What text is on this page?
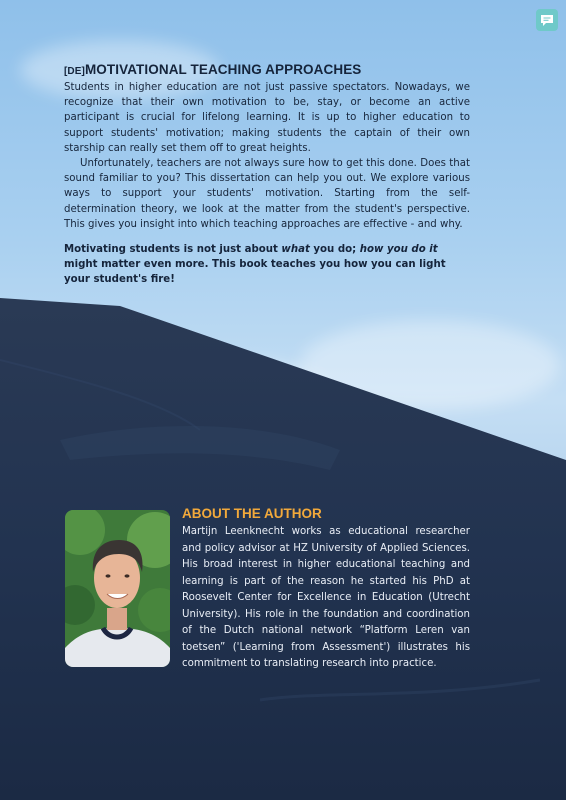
[DE]MOTIVATIONAL TEACHING APPROACHES

Students in higher education are not just passive spectators. Nowadays, we recognize that their own motivation to be, stay, or become an active participant is crucial for lifelong learning. It is up to higher education to support students' motivation; making students the captain of their own starship can really set them off to great heights.

Unfortunately, teachers are not always sure how to get this done. Does that sound familiar to you? This dissertation can help you out. We explore various ways to support your students' motivation. Starting from the self-determination theory, we look at the matter from the student's perspective. This gives you insight into which teaching approaches are effective - and why.

Motivating students is not just about what you do; how you do it might matter even more. This book teaches you how you can light your student's fire!

ABOUT THE AUTHOR

Martijn Leenknecht works as educational researcher and policy advisor at HZ University of Applied Sciences. His broad interest in higher educational teaching and learning is part of the reason he started his PhD at Roosevelt Center for Excellence in Education (Utrecht University). His role in the foundation and coordination of the Dutch national network “Platform Leren van toetsen” ('Learning from Assessment') illustrates his commitment to translating research into practice.
